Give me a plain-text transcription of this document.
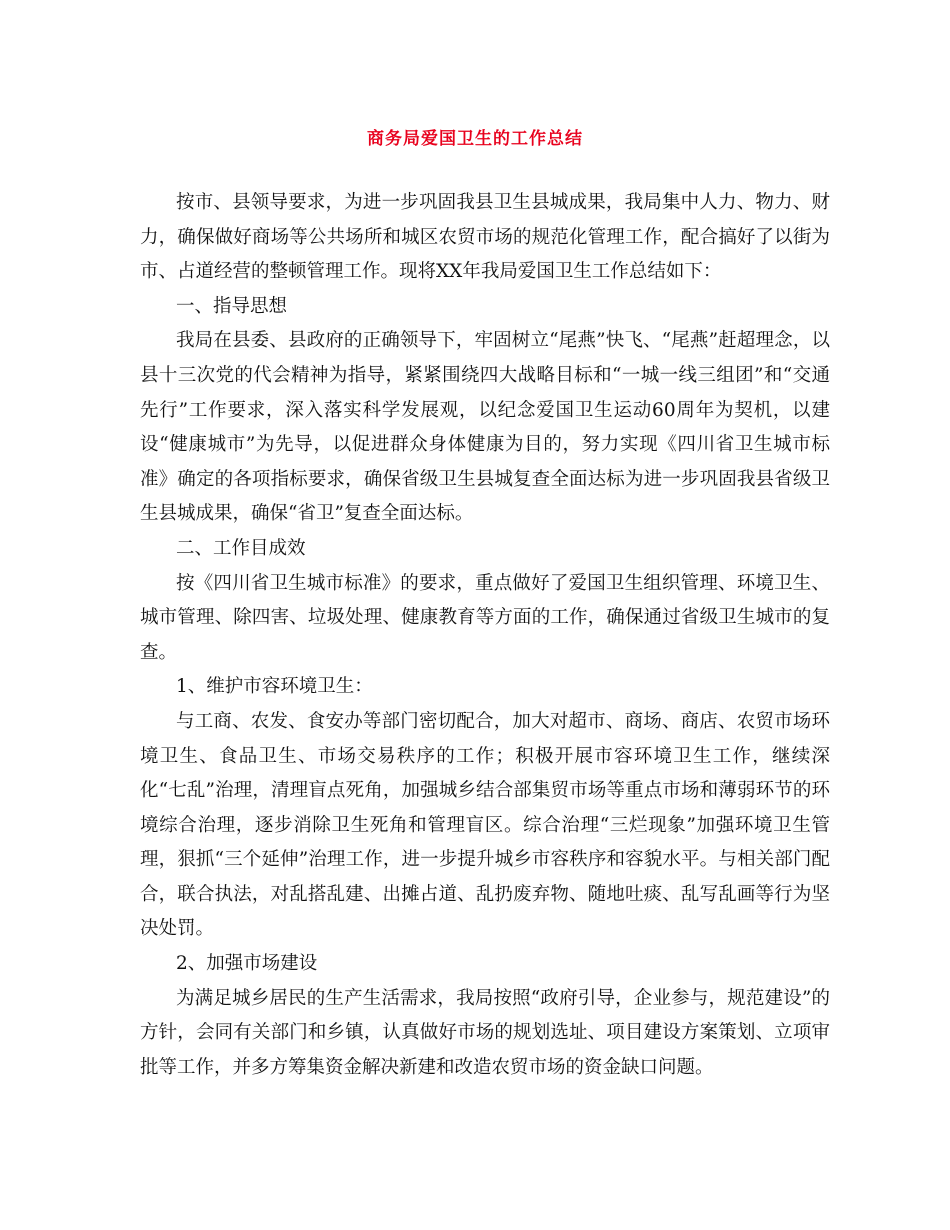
商务局爱国卫生的工作总结

按市、县领导要求，为进一步巩固我县卫生县城成果，我局集中人力、物力、财力，确保做好商场等公共场所和城区农贸市场的规范化管理工作，配合搞好了以街为市、占道经营的整顿管理工作。现将XX年我局爱国卫生工作总结如下：

一、指导思想

我局在县委、县政府的正确领导下，牢固树立“尾燕”快飞、“尾燕”赶超理念，以县十三次党的代会精神为指导，紧紧围绕四大战略目标和“一城一线三组团”和“交通先行”工作要求，深入落实科学发展观，以纪念爱国卫生运动60周年为契机，以建设“健康城市”为先导，以促进群众身体健康为目的，努力实现《四川省卫生城市标准》确定的各项指标要求，确保省级卫生县城复查全面达标为进一步巩固我县省级卫生县城成果，确保“省卫”复查全面达标。

二、工作目成效

按《四川省卫生城市标准》的要求，重点做好了爱国卫生组织管理、环境卫生、城市管理、除四害、垃圾处理、健康教育等方面的工作，确保通过省级卫生城市的复查。

1、维护市容环境卫生：

与工商、农发、食安办等部门密切配合，加大对超市、商场、商店、农贸市场环境卫生、食品卫生、市场交易秩序的工作；积极开展市容环境卫生工作，继续深化“七乱”治理，清理盲点死角，加强城乡结合部集贸市场等重点市场和薄弱环节的环境综合治理，逐步消除卫生死角和管理盲区。综合治理“三烂现象”加强环境卫生管理，狠抓“三个延伸”治理工作，进一步提升城乡市容秩序和容貌水平。与相关部门配合，联合执法，对乱搭乱建、出摊占道、乱扔废弃物、随地吐痰、乱写乱画等行为坚决处罚。

2、加强市场建设

为满足城乡居民的生产生活需求，我局按照“政府引导，企业参与，规范建设”的方针，会同有关部门和乡镇，认真做好市场的规划选址、项目建设方案策划、立项审批等工作，并多方筹集资金解决新建和改造农贸市场的资金缺口问题。
